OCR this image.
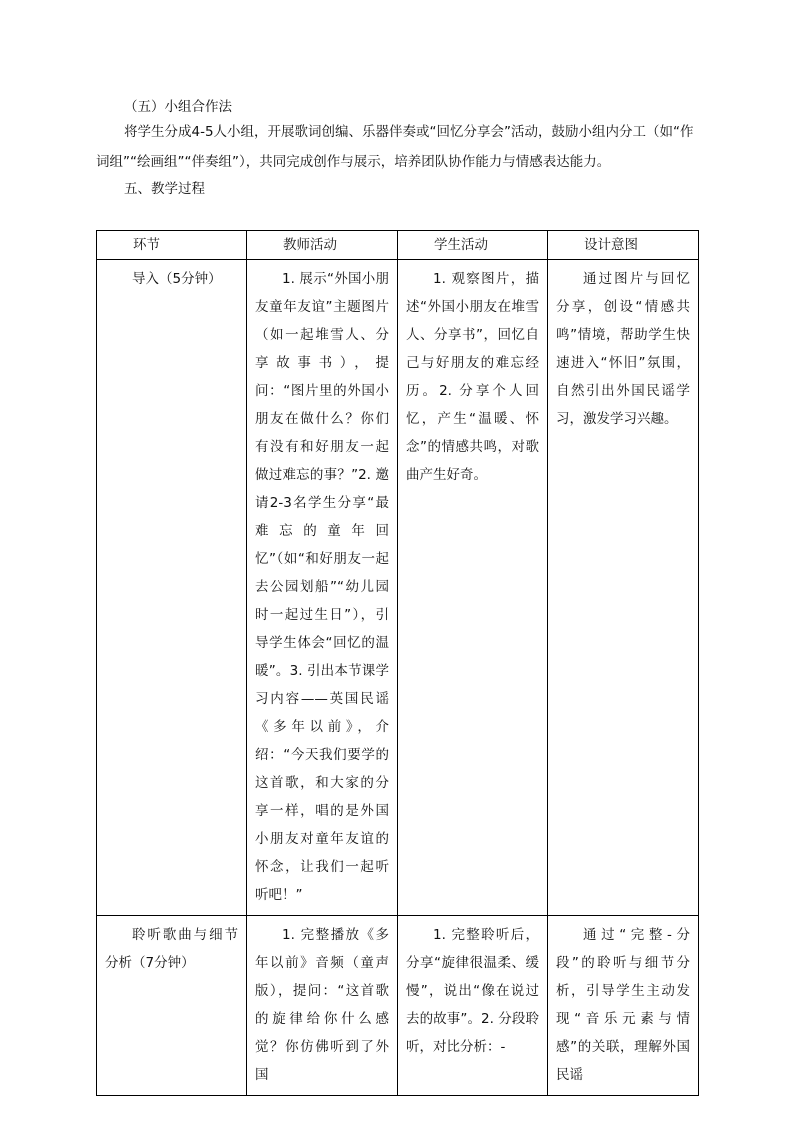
（五）小组合作法
将学生分成4-5人小组，开展歌词创编、乐器伴奏或“回忆分享会”活动，鼓励小组内分工（如“作词组”“绘画组”“伴奏组”），共同完成创作与展示，培养团队协作能力与情感表达能力。
五、教学过程
环节	教师活动	学生活动	设计意图
导入（5分钟）	1. 展示“外国小朋友童年友谊”主题图片（如一起堆雪人、分享故事书），提问：“图片里的外国小朋友在做什么？你们有没有和好朋友一起做过难忘的事？”2. 邀请2-3名学生分享“最难忘的童年回忆”（如“和好朋友一起去公园划船”“幼儿园时一起过生日”），引导学生体会“回忆的温暖”。3. 引出本节课学习内容——英国民谣《多年以前》，介绍：“今天我们要学的这首歌，和大家的分享一样，唱的是外国小朋友对童年友谊的怀念，让我们一起听听吧！”	1. 观察图片，描述“外国小朋友在堆雪人、分享书”，回忆自己与好朋友的难忘经历。2. 分享个人回忆，产生“温暖、怀念”的情感共鸣，对歌曲产生好奇。	通过图片与回忆分享，创设“情感共鸣”情境，帮助学生快速进入“怀旧”氛围，自然引出外国民谣学习，激发学习兴趣。
聆听歌曲与细节分析（7分钟）	1. 完整播放《多年以前》音频（童声版），提问：“这首歌的旋律给你什么感觉？你仿佛听到了外国	1. 完整聆听后，分享“旋律很温柔、缓慢”，说出“像在说过去的故事”。2. 分段聆听，对比分析：-	通过“完整-分段”的聆听与细节分析，引导学生主动发现“音乐元素与情感”的关联，理解外国民谣
